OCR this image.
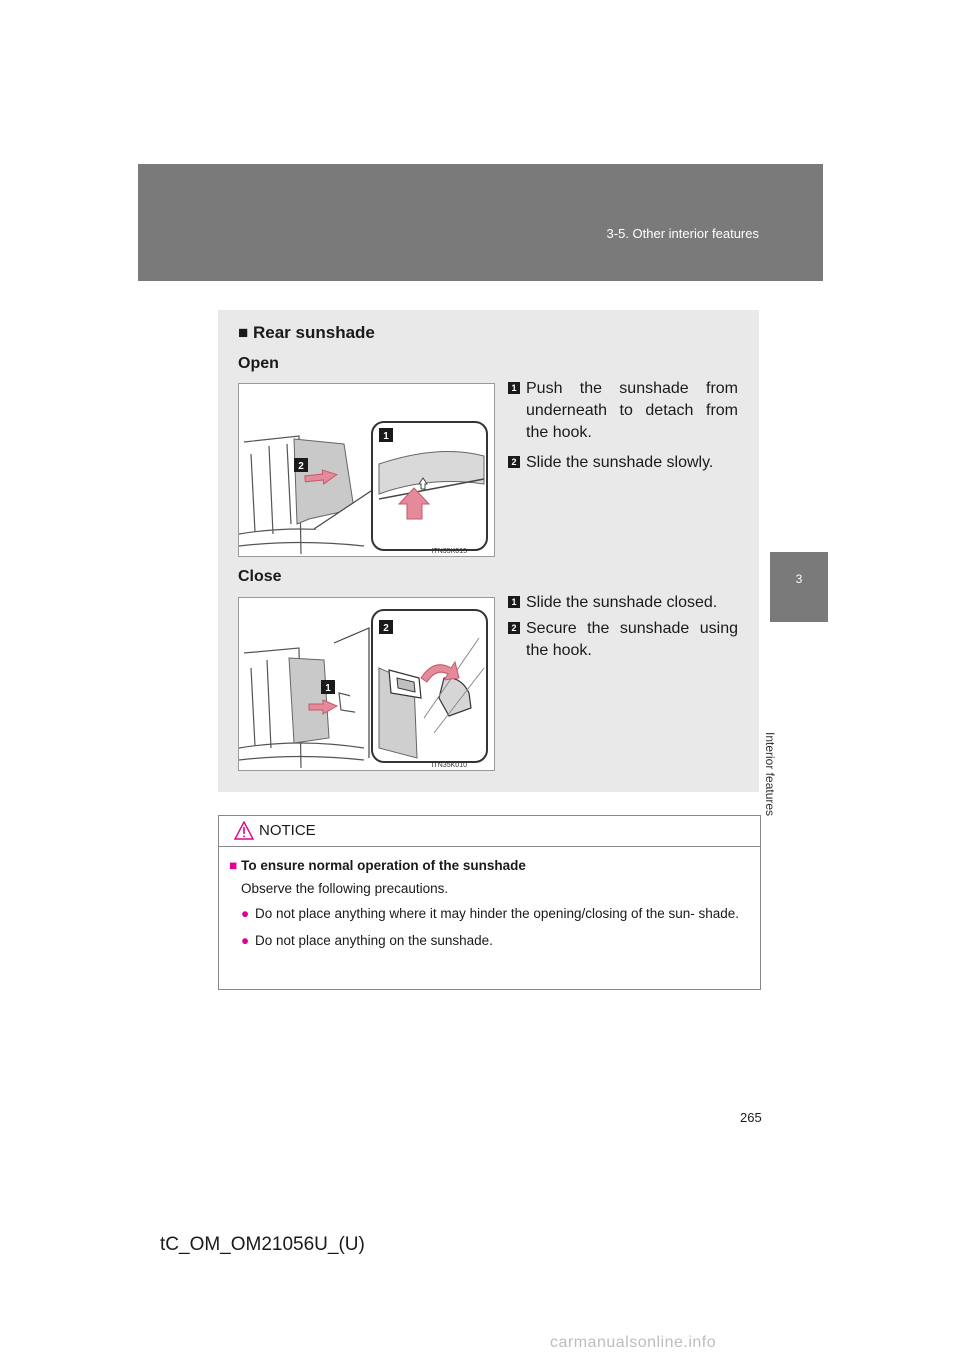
3-5. Other interior features
3
Interior features
■ Rear sunshade
Open
2
1
ITN35K015
1 Push the sunshade from underneath to detach from the hook.
2 Slide the sunshade slowly.
Close
1
2
ITN35K010
1 Slide the sunshade closed.
2 Secure the sunshade using the hook.
NOTICE
■ To ensure normal operation of the sunshade
Observe the following precautions.
● Do not place anything where it may hinder the opening/closing of the sun- shade.
● Do not place anything on the sunshade.
265
tC_OM_OM21056U_(U)
carmanualsonline.info
